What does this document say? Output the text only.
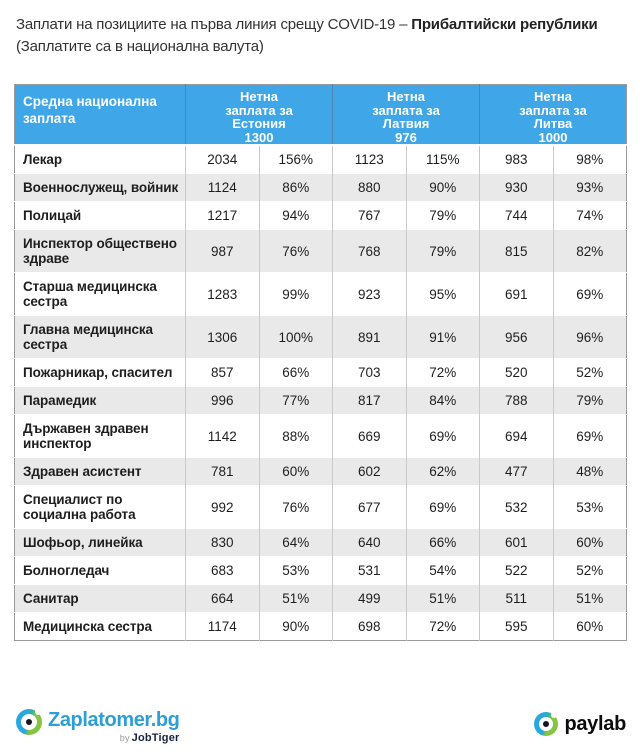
Заплати на позициите на първа линия срещу COVID-19 – Прибалтийски републики
(Заплатите са в национална валута)
Средна национална заплата	Нетна
заплата за
Естония
1300		Нетна
заплата за
Латвия
976		Нетна
заплата за
Литва
1000	
Лекар	2034	156%	1123	115%	983	98%
Военнослужещ, войник	1124	86%	880	90%	930	93%
Полицай	1217	94%	767	79%	744	74%
Инспектор обществено здраве	987	76%	768	79%	815	82%
Старша медицинска сестра	1283	99%	923	95%	691	69%
Главна медицинска сестра	1306	100%	891	91%	956	96%
Пожарникар, спасител	857	66%	703	72%	520	52%
Парамедик	996	77%	817	84%	788	79%
Държавен здравен инспектор	1142	88%	669	69%	694	69%
Здравен асистент	781	60%	602	62%	477	48%
Специалист по социална работа	992	76%	677	69%	532	53%
Шофьор, линейка	830	64%	640	66%	601	60%
Болногледач	683	53%	531	54%	522	52%
Санитар	664	51%	499	51%	511	51%
Медицинска сестра	1174	90%	698	72%	595	60%
Zaplatomer.bg
by JobTiger
paylab
